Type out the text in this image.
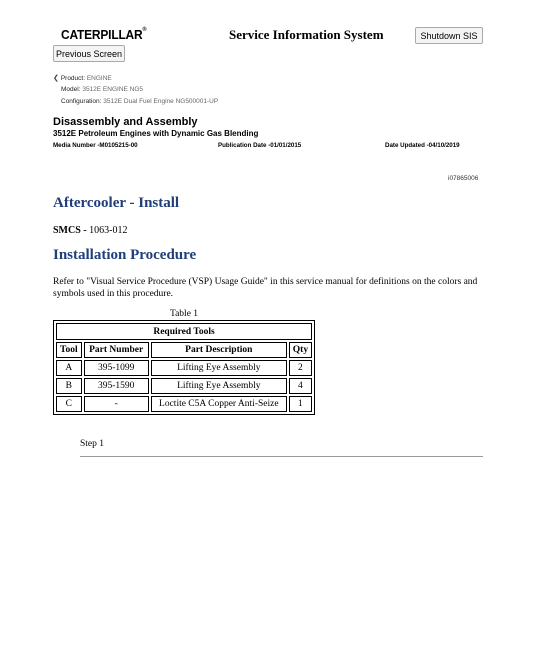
CATERPILLAR®	Service Information System	Shutdown SIS
Previous Screen
❮ Product: ENGINE
Model: 3512E ENGINE NG5
Configuration: 3512E Dual Fuel Engine NG500001-UP
Disassembly and Assembly
3512E Petroleum Engines with Dynamic Gas Blending
Media Number -M0105215-00	Publication Date -01/01/2015	Date Updated -04/10/2019
i07865006
Aftercooler - Install
SMCS - 1063-012
Installation Procedure
Refer to "Visual Service Procedure (VSP) Usage Guide" in this service manual for definitions on the colors and symbols used in this procedure.
Table 1
Required Tools			
Tool	Part Number	Part Description	Qty
A	395-1099	Lifting Eye Assembly	2
B	395-1590	Lifting Eye Assembly	4
C	-	Loctite C5A Copper Anti-Seize	1
Step 1
